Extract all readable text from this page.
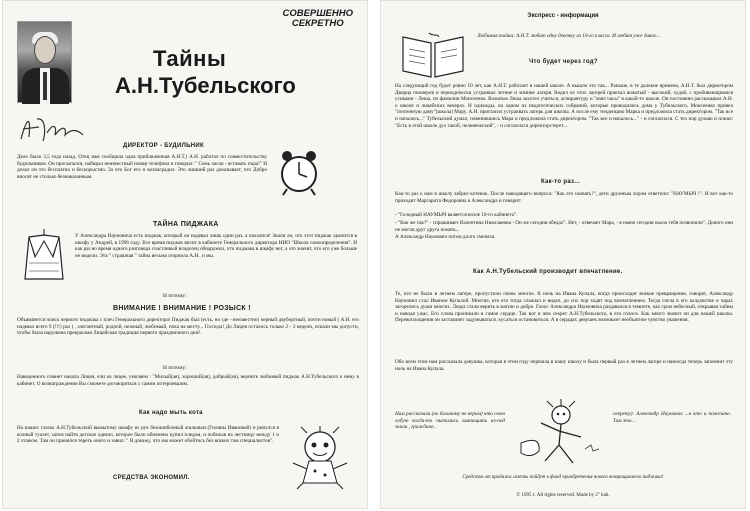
СОВЕРШЕННО
СЕКРЕТНО
Тайны
А.Н.Тубельского
ДИРЕКТОР - БУДИЛЬНИК

Дело было 3,5 года назад. Отец нам сообщила одна приближенная А.Н.Т.) А.Н. работал по совместительству будильником. Он просыпался, набирал неизвестный номер телефона и говорил: " Семь часов - вставать пора!" И делал он это бесплатно и бескорыстно. За что Бог его и вознаградил. Это лишний раз доказывает, что Добро вносят не столько безнаказанным.

ТАЙНА ПИДЖАКА

У Александра Наумовича есть пиджак, который он надевал лишь один раз, а поклялся! Знали ли, что этот пиджак хранится в шкафу у Андрей, в 1996 году. Все время пиджак висит в кабинете Генерального директора НИО "Школа самоопределения". И как раз во время одного разговора счастливый владелец обнаружил, что пиджака в шкафу нет, а это значит, что его уже больше не видели. Эта " страшная " тайна весьма огорчила А.Н., и мы.

И потому:
ВНИМАНИЕ ! ВНИМАНИЕ ! РОЗЫСК !

Объявляется поиск черного пиджака с плеч Генерального директора! Пиджак был (есть, но где - неизвестно) черный двубортный, почти новый ( А.Н. его надевал всего 9 (!!!) раз ) , элегантный, родной, нежный, любимый, пока на месту... Господа! До Лицея осталось только 2 - 3 недели, искали мы допусти, чтобы была нарушена прекрасная Лицейская традиция первого праздничного дня?.

И потому:

Наведенного сомнет начала Лицея, ели на лицее, умоляем : "Милый(ая), хороший(ая), добрый(ая), верните любимый пиджак А.Н.Тубельского к нему в кабинет. О вознаграждении Вы сможете договориться с самим потерпевшим.

Как надо мыть кота

На наших глазах А.Н.Тубельский вымытому шкафу из рук безошибочный жильным (Гиляны Ивановой) и ринулся в колный туалет, затем найти детское одеяло, которое было обменено купил пледом, и побежав на лестницу между 1 и 2 этажом. Там он принялся тереть оного и завил: " Я докажу, что мы может обойтись без всяких там специалистов".

СРЕДСТВА ЭКОНОМИЛ.
Экспресс - информация

Любимая тайна: А.Н.Т. любит одну девочку из 10-го класса. И любит уже давно...

Что будет через год?

На следующий год будет ровно 10 лет, как А.Н.Т. работает в нашей школе. А вышло это так... Раньше, в те далекие времена, А.Н.Т. был директором Дворца пионеров и периодически устраивал летние и зимние лагеря. Водил из этих лагерей приехал вожатый - высокий, худой, с пробивающимися усиками - Леша, по фамилии Моисеенко. Вожатые Леша захотел учиться, аспирантуру и "взял часы" в какой-то школе. Он постоянно рассказывал А.Н. о школе и лицейских вечерах. И однажды, на одном из педагогических собраний, которые проводились дома у Тубельского, Моисеенко привел "почтенную даму"(школа) Мару. А.Н. пригласил устраивать лагерь для школы. А после ему тенденцию Марка и предложила стать директором. "Так все и начались..." Тубельский думал, повинившись Мара и предложила стать директором. "Так все и началось..." - и согласился. С тех пор думаю и понял: "Есть в этой школе дух такой, человеческий", - и согласился директорствует...

Как-то раз...

Как-то раз к нам в школу забрел котенок. После наводящего вопроса: "Как его назвать?", дети дружным хором ответили: "НАУМЫЧ !". И вот как-то приходит Маргарита Федоровна в Александра и говорит:

- "Голодный НАУМЫЧ валяется возле 10-го кабинета".

- "Как же так?" - спрашивает Валентина Николаевна - Он же сегодня обедал". Нет, - отвечает Мара, - я имею сегодня около тебя позвонили". Доного они не могли друг друга понять...

А Александр Наумович потом долго смеялся.

Как А.Н.Тубельский производит впечатление.

Те, кто не были в летнем лагере, пропустили очень многое. В ночь на Ивана Купала, когда происходят всякие превращения, говорят, Александр Наумович стал Иваном Купалой. Многие, кто его тогда слышал и видел, до сих пор ходят под впечатлением. Тогда спела в его колдовстве и чарах загорелись души многих. Люди стали верить в магию и добро. Голос Александра Наумовича раздавался в темноте, как гром небесный, открывая тайны и наводя ужас. Его слова проникали в самое сердце. Так вот в чем секрет А.Н.Тубельского, в его голосе. Как много значит он для нашей школы. Перевоплощения он заставляет задумываться, кусаться остановиться. А в сердцах девушек возникает необъятное чувство уважения.

Обо всем этом нам рассказала девушка, которая в этом году перешла в нашу школу и была первый раз в летнем лагере и навсегда теперь запомнит эту ночь на Ивана Купала.

Нам рассказали (но больному не верим) что свою лобую когда-то пытались вытащить из-под земли , граждане..

секрету): Александр Наумович ...я кто и пожешно. Там это...

Средства от продажи газеты пойдут в фонд приобретения нового возвращаемого пиджака!
© 1995 г. All rights reserved. Made by 2" kah.
